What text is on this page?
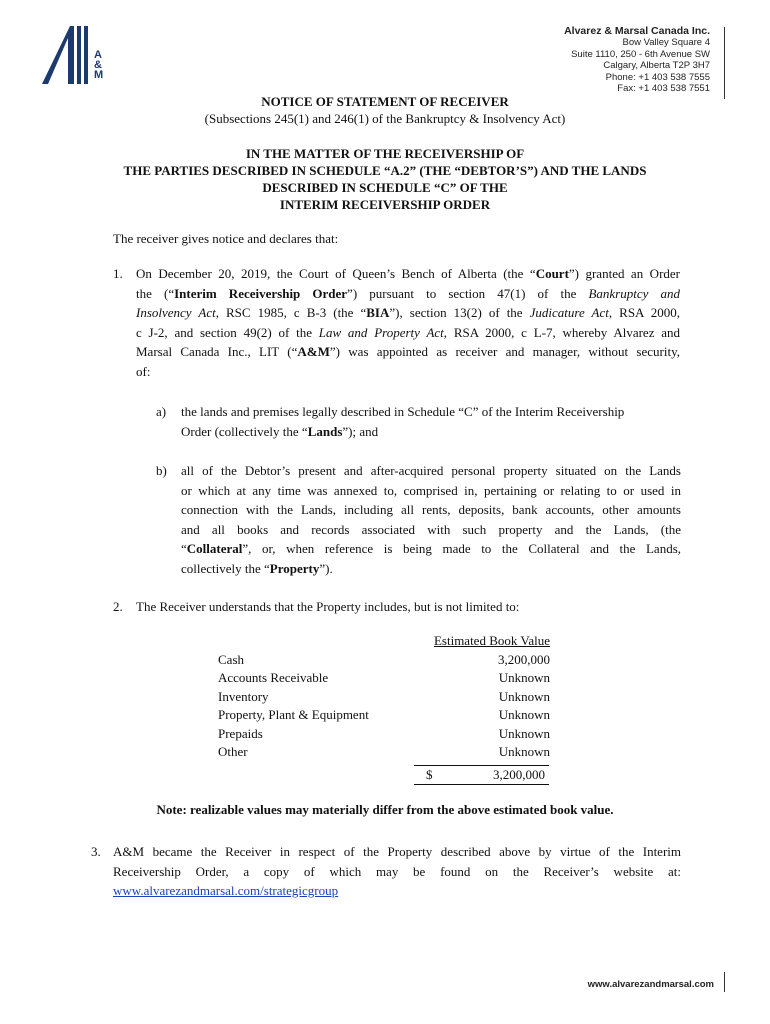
A
&
M
Alvarez & Marsal Canada Inc.
Bow Valley Square 4
Suite 1110, 250 - 6th Avenue SW
Calgary, Alberta T2P 3H7
Phone: +1 403 538 7555
Fax: +1 403 538 7551
NOTICE OF STATEMENT OF RECEIVER
(Subsections 245(1) and 246(1) of the Bankruptcy & Insolvency Act)
IN THE MATTER OF THE RECEIVERSHIP OF
THE PARTIES DESCRIBED IN SCHEDULE “A.2” (THE “DEBTOR’S”) AND THE LANDS
DESCRIBED IN SCHEDULE “C” OF THE
INTERIM RECEIVERSHIP ORDER
The receiver gives notice and declares that:
1. On December 20, 2019, the Court of Queen’s Bench of Alberta (the “Court”) granted an Order
the (“Interim Receivership Order”) pursuant to section 47(1) of the Bankruptcy and
Insolvency Act, RSC 1985, c B-3 (the “BIA”), section 13(2) of the Judicature Act, RSA 2000,
c J-2, and section 49(2) of the Law and Property Act, RSA 2000, c L-7, whereby Alvarez and
Marsal Canada Inc., LIT (“A&M”) was appointed as receiver and manager, without security,
of:
a) the lands and premises legally described in Schedule “C” of the Interim Receivership
Order (collectively the “Lands”); and
b) all of the Debtor’s present and after-acquired personal property situated on the Lands
or which at any time was annexed to, comprised in, pertaining or relating to or used in
connection with the Lands, including all rents, deposits, bank accounts, other amounts
and all books and records associated with such property and the Lands, (the
“Collateral”, or, when reference is being made to the Collateral and the Lands,
collectively the “Property”).
2. The Receiver understands that the Property includes, but is not limited to:
Estimated Book Value
Cash	3,200,000
Accounts Receivable	Unknown
Inventory	Unknown
Property, Plant & Equipment	Unknown
Prepaids	Unknown
Other	Unknown
$	3,200,000
Note: realizable values may materially differ from the above estimated book value.
3. A&M became the Receiver in respect of the Property described above by virtue of the Interim
Receivership Order, a copy of which may be found on the Receiver’s website at:
www.alvarezandmarsal.com/strategicgroup
www.alvarezandmarsal.com
